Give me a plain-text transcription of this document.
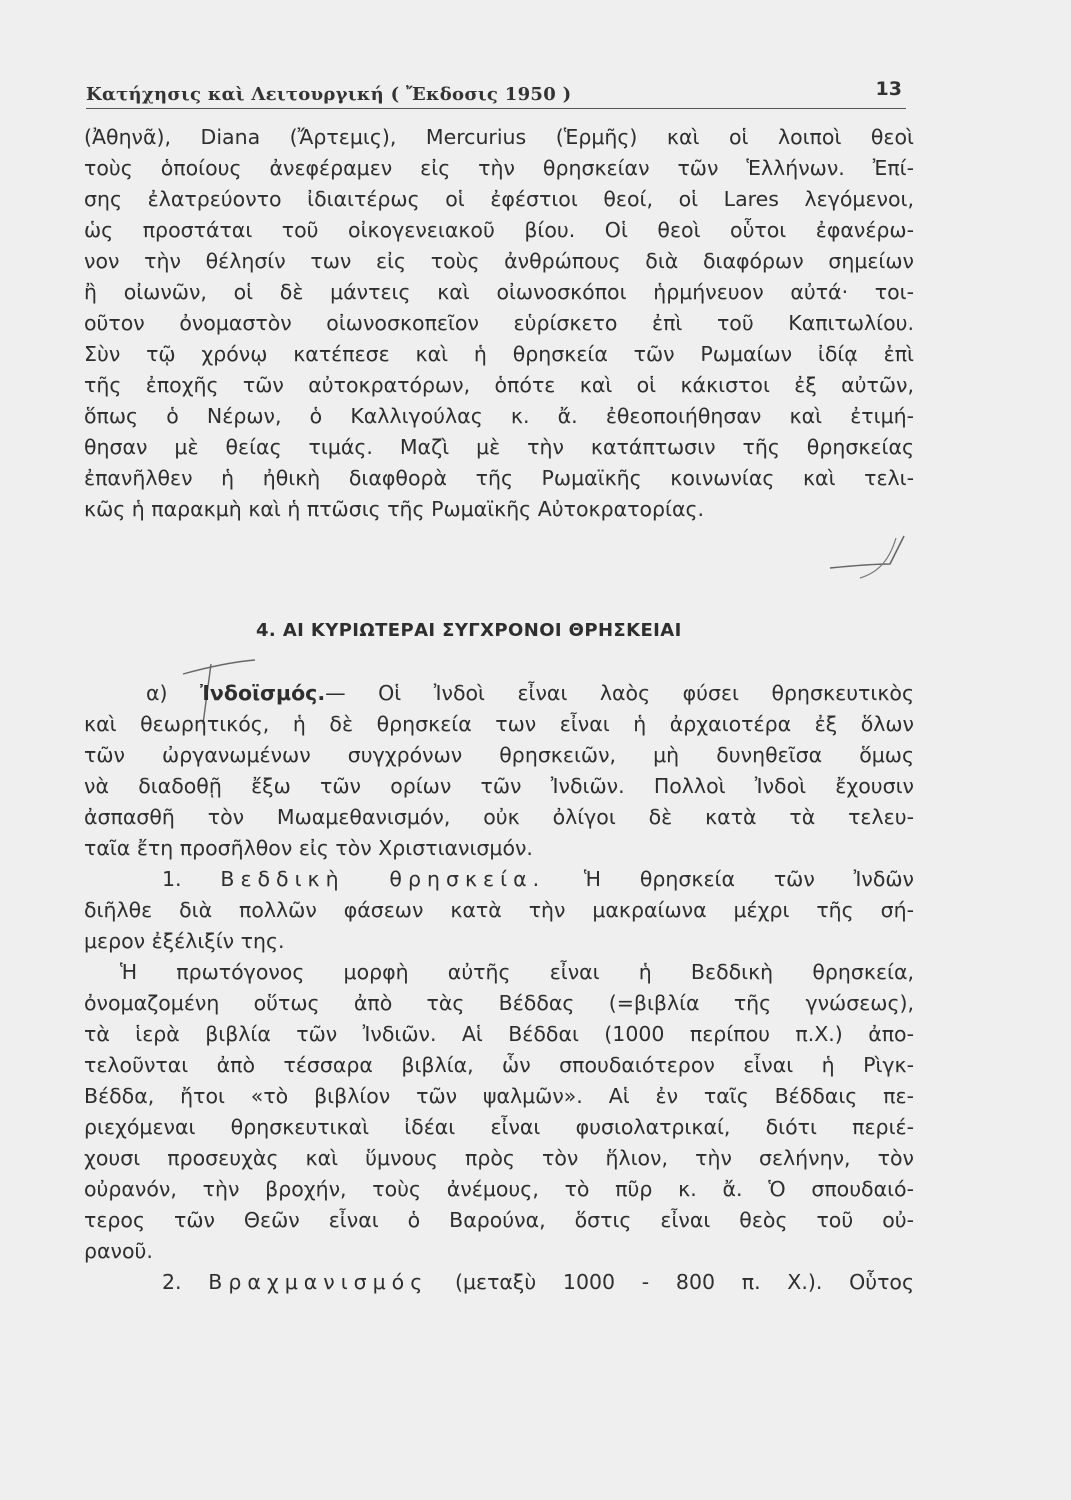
Κατήχησις καὶ Λειτουργική ( Ἔκδοσις 1950 )	13
(Ἀθηνᾶ), Diana (Ἄρτεμις), Mercurius (Ἑρμῆς) καὶ οἱ λοιποὶ θεοὶ
τοὺς ὁποίους ἀνεφέραμεν εἰς τὴν θρησκείαν τῶν Ἑλλήνων. Ἐπί-
σης ἐλατρεύοντο ἰδιαιτέρως οἱ ἐφέστιοι θεοί, οἱ Lares λεγόμενοι,
ὡς προστάται τοῦ οἰκογενειακοῦ βίου. Οἱ θεοὶ οὗτοι ἐφανέρω-
νον τὴν θέλησίν των εἰς τοὺς ἀνθρώπους διὰ διαφόρων σημείων
ἢ οἰωνῶν, οἱ δὲ μάντεις καὶ οἰωνοσκόποι ἡρμήνευον αὐτά· τοι-
οῦτον ὀνομαστὸν οἰωνοσκοπεῖον εὑρίσκετο ἐπὶ τοῦ Καπιτωλίου.
Σὺν τῷ χρόνῳ κατέπεσε καὶ ἡ θρησκεία τῶν Ρωμαίων ἰδίᾳ ἐπὶ
τῆς ἐποχῆς τῶν αὐτοκρατόρων, ὁπότε καὶ οἱ κάκιστοι ἐξ αὐτῶν,
ὅπως ὁ Νέρων, ὁ Καλλιγούλας κ. ἄ. ἐθεοποιήθησαν καὶ ἐτιμή-
θησαν μὲ θείας τιμάς. Μαζὶ μὲ τὴν κατάπτωσιν τῆς θρησκείας
ἐπανῆλθεν ἡ ἠθικὴ διαφθορὰ τῆς Ρωμαϊκῆς κοινωνίας καὶ τελι-
κῶς ἡ παρακμὴ καὶ ἡ πτῶσις τῆς Ρωμαϊκῆς Αὐτοκρατορίας.
4. ΑΙ ΚΥΡΙΩΤΕΡΑΙ ΣΥΓΧΡΟΝΟΙ ΘΡΗΣΚΕΙΑΙ
α) Ἰνδοϊσμός.— Οἱ Ἰνδοὶ εἶναι λαὸς φύσει θρησκευτικὸς
καὶ θεωρητικός, ἡ δὲ θρησκεία των εἶναι ἡ ἀρχαιοτέρα ἐξ ὅλων
τῶν ὠργανωμένων συγχρόνων θρησκειῶν, μὴ δυνηθεῖσα ὅμως
νὰ διαδοθῇ ἔξω τῶν ορίων τῶν Ἰνδιῶν. Πολλοὶ Ἰνδοὶ ἔχουσιν
ἀσπασθῆ τὸν Μωαμεθανισμόν, οὐκ ὀλίγοι δὲ κατὰ τὰ τελευ-
ταῖα ἔτη προσῆλθον εἰς τὸν Χριστιανισμόν.
1. Βεδδικὴ θρησκεία. Ἡ θρησκεία τῶν Ἰνδῶν
διῆλθε διὰ πολλῶν φάσεων κατὰ τὴν μακραίωνα μέχρι τῆς σή-
μερον ἐξέλιξίν της.
Ἡ πρωτόγονος μορφὴ αὐτῆς εἶναι ἡ Βεδδικὴ θρησκεία,
ὀνομαζομένη οὕτως ἀπὸ τὰς Βέδδας (=βιβλία τῆς γνώσεως),
τὰ ἱερὰ βιβλία τῶν Ἰνδιῶν. Αἱ Βέδδαι (1000 περίπου π.Χ.) ἀπο-
τελοῦνται ἀπὸ τέσσαρα βιβλία, ὧν σπουδαιότερον εἶναι ἡ Ρὶγκ-
Βέδδα, ἤτοι «τὸ βιβλίον τῶν ψαλμῶν». Αἱ ἐν ταῖς Βέδδαις πε-
ριεχόμεναι θρησκευτικαὶ ἰδέαι εἶναι φυσιολατρικαί, διότι περιέ-
χουσι προσευχὰς καὶ ὕμνους πρὸς τὸν ἥλιον, τὴν σελήνην, τὸν
οὐρανόν, τὴν βροχήν, τοὺς ἀνέμους, τὸ πῦρ κ. ἄ. Ὁ σπουδαιό-
τερος τῶν Θεῶν εἶναι ὁ Βαρούνα, ὅστις εἶναι θεὸς τοῦ οὐ-
ρανοῦ.
2. Βραχμανισμός (μεταξὺ 1000 - 800 π. Χ.). Οὗτος
